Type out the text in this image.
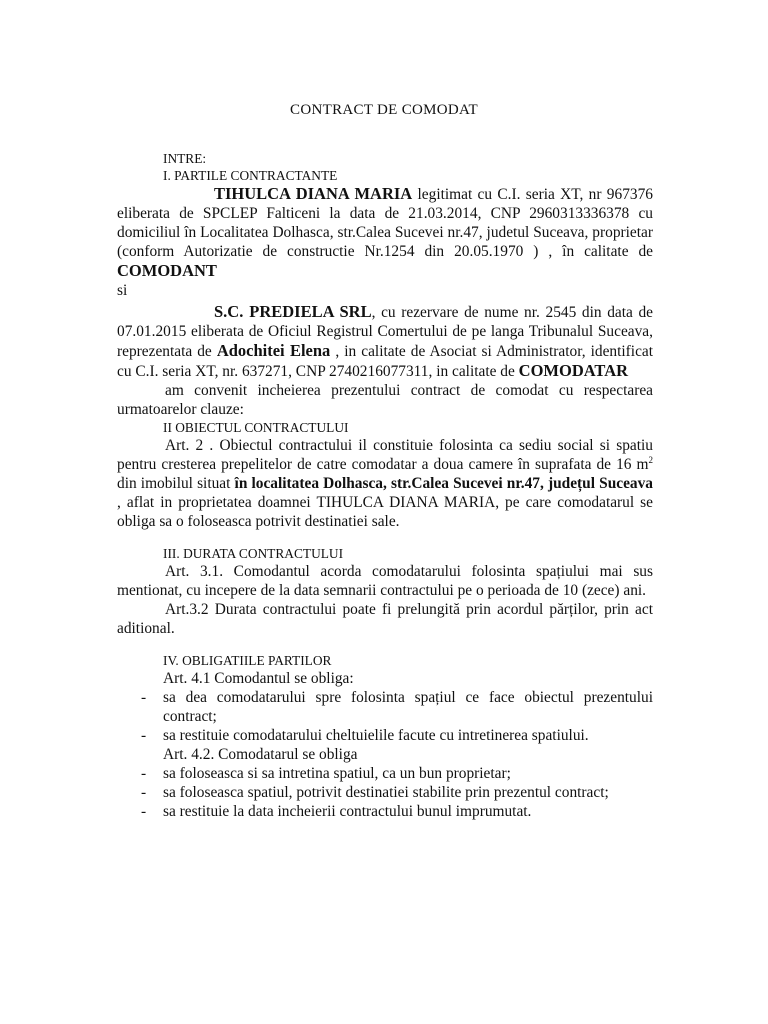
CONTRACT DE COMODAT

INTRE:

I. PARTILE CONTRACTANTE

TIHULCA DIANA MARIA legitimat cu C.I. seria XT, nr 967376 eliberata de SPCLEP Falticeni la data de 21.03.2014, CNP 2960313336378 cu domiciliul în Localitatea Dolhasca, str.Calea Sucevei nr.47, judetul Suceava, proprietar (conform Autorizatie de constructie Nr.1254 din 20.05.1970 ) , în calitate de COMODANT

si

S.C. PREDIELA SRL, cu rezervare de nume nr. 2545 din data de 07.01.2015 eliberata de Oficiul Registrul Comertului de pe langa Tribunalul Suceava, reprezentata de Adochitei Elena , in calitate de Asociat si Administrator, identificat cu C.I. seria XT, nr. 637271, CNP 2740216077311, in calitate de COMODATAR

am convenit incheierea prezentului contract de comodat cu respectarea urmatoarelor clauze:

II OBIECTUL CONTRACTULUI

Art. 2 . Obiectul contractului il constituie folosinta ca sediu social si spatiu pentru cresterea prepelitelor de catre comodatar a doua camere în suprafata de 16 $m^2$ din imobilul situat în localitatea Dolhasca, str.Calea Sucevei nr.47, județul Suceava , aflat in proprietatea doamnei TIHULCA DIANA MARIA, pe care comodatarul se obliga sa o foloseasca potrivit destinatiei sale.

III. DURATA CONTRACTULUI

Art. 3.1. Comodantul acorda comodatarului folosinta spațiului mai sus mentionat, cu incepere de la data semnarii contractului pe o perioada de 10 (zece) ani.

Art.3.2 Durata contractului poate fi prelungită prin acordul părților, prin act aditional.

IV. OBLIGATIILE PARTILOR

Art. 4.1 Comodantul se obliga:

- sa dea comodatarului spre folosinta spațiul ce face obiectul prezentului contract;
- sa restituie comodatarului cheltuielile facute cu intretinerea spatiului.

Art. 4.2. Comodatarul se obliga

- sa foloseasca si sa intretina spatiul, ca un bun proprietar;
- sa foloseasca spatiul, potrivit destinatiei stabilite prin prezentul contract;
- sa restituie la data incheierii contractului bunul imprumutat.
